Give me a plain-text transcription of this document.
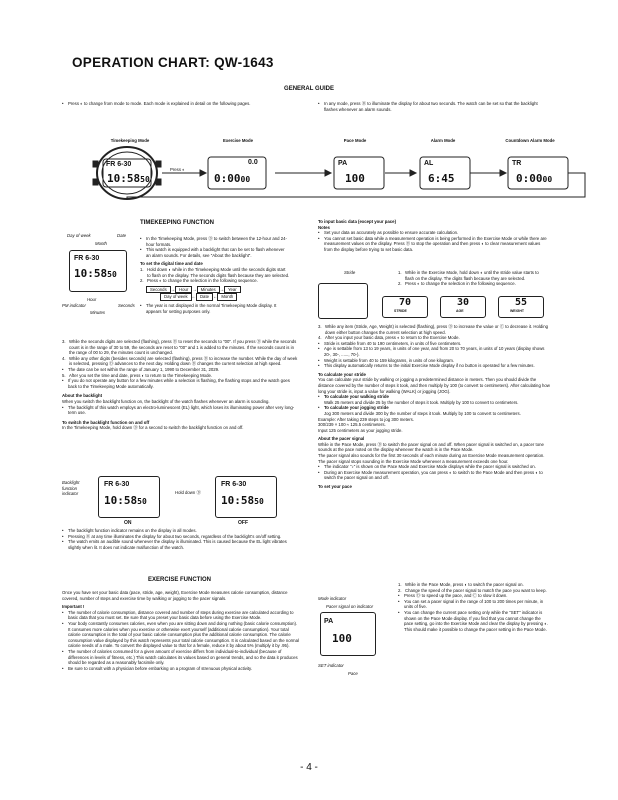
OPERATION CHART: QW-1643
GENERAL GUIDE
• Press ◐ to change from mode to mode. Each mode is explained in detail on the following pages.
•	In any mode, press Ⓑ to illuminate the display for about two seconds. The watch can be set so that the backlight flashes whenever an alarm sounds.
Timekeeping Mode	Exercise Mode	Pace Mode	Alarm Mode	Countdown Alarm Mode
FR 6-30
10:5850
Press ◐
0.0
0:0000
PA
100
AL
6:45
TR
0:0000
TIMEKEEPING FUNCTION
Day of week	Date
Month
FR 6-30
10:5850
Hour
Seconds
PM indicator
Minutes
• In the Timekeeping Mode, press Ⓓ to switch between the 12-hour and 24-hour formats.
• This watch is equipped with a backlight that can be set to flash whenever an alarm sounds. For details, see "About the backlight".
To set the digital time and date
1. Hold down ◐ while in the Timekeeping Mode until the seconds digits start to flash on the display. The seconds digits flash because they are selected.
2. Press ◐ to change the selection in the following sequence.
Seconds → Hour → Minutes → Year
Day of week ← Date ← Month
• The year is not displayed in the normal Timekeeping Mode display. It appears for setting purposes only.
3. While the seconds digits are selected (flashing), press Ⓓ to reset the seconds to "00". If you press Ⓓ while the seconds count is in the range of 30 to 59, the seconds are reset to "00" and 1 is added to the minutes. If the seconds count is in the range of 00 to 29, the minutes count is unchanged.
4. While any other digits (besides seconds) are selected (flashing), press Ⓓ to increase the number. While the day of week is selected, pressing Ⓓ advances to the next day. Holding down Ⓓ changes the current selection at high speed.
• The date can be set within the range of January 1, 1990 to December 31, 2029.
5. After you set the time and date, press ◐ to return to the Timekeeping Mode.
• If you do not operate any button for a few minutes while a selection is flashing, the flashing stops and the watch goes back to the Timekeeping Mode automatically.
About the backlight
When you switch the backlight function on, the backlight of the watch flashes whenever an alarm is sounding.
• The backlight of this watch employs an electro-luminescent (EL) light, which loses its illuminating power after very long-term use.
To switch the backlight function on and off
In the Timekeeping Mode, hold down Ⓓ for a second to switch the backlight function on and off.
Backlight function indicator
FR 6-30
10:5850
Hold down Ⓓ
FR 6-30
10:5850
ON	OFF
• The backlight function indicator remains on the display in all modes.
• Pressing Ⓑ at any time illuminates the display for about two seconds, regardless of the backlight's on/off setting.
• The watch emits an audible sound whenever the display is illuminated. This is caused because the EL light vibrates slightly when lit. It does not indicate malfunction of the watch.
EXERCISE FUNCTION
Once you have set your basic data (pace, stride, age, weight), Exercise Mode measures calorie consumption, distance covered, number of steps and exercise time by walking or jogging to the pacer signals.
Important !
• The number of calorie consumption, distance covered and number of steps during exercise are calculated according to basic data that you must set. Be sure that you preset your basic data before using the Exercise Mode.
• Your body constantly consumes calories, even when you are sitting down and doing nothing (basic calorie consumption). It consumes more calories when you exercise or otherwise exert yourself (additional calorie consumption). Your total calorie consumption is the total of your basic calorie consumption plus the additional calorie consumption. The calorie consumption value displayed by this watch represents your total calorie consumption. It is calculated based on the normal calorie needs of a male. To convert the displayed value to that for a female, reduce it by about 5% (multiply it by .95).
• The number of calories consumed for a given amount of exercise differs from individual-to-individual (because of differences in levels of fitness, etc.) This watch calculates its values based on general trends, and so the data it produces should be regarded as a reasonably facsimile only.
• Be sure to consult with a physician before embarking on a program of strenuous physical activity.
To input basic data (except your pace)
Notes
• Set your data as accurately as possible to ensure accurate calculation.
• You cannot set basic data while a measurement operation is being performed in the Exercise Mode or while there are measurement values on the display. Press Ⓓ to stop the operation and then press ◐ to clear measurement values from the display before trying to set basic data.
Stride	1. While in the Exercise Mode, hold down ◐ until the stride value starts to flash on the display. The digits flash because they are selected.
2. Press ◐ to change the selection in the following sequence.
70	30	55
STRIDE	AGE	WEIGHT
3. While any item (Stride, Age, Weight) is selected (flashing), press Ⓓ to increase the value or Ⓒ to decrease it. Holding down either button changes the current selection at high speed.
4. After you input your basic data, press ◐ to return to the Exercise Mode.
• Stride is settable from 40 to 190 centimeters, in units of five centimeters.
• Age is settable from 13 to 19 years, in units of one year, and from 20 to 70 years, in units of 10 years (display shows 20-, 30-, ......, 70-).
• Weight is settable from 40 to 159 kilograms, in units of one kilogram.
• This display automatically returns to the initial Exercise Mode display if no button is operated for a few minutes.
To calculate your stride
You can calculate your stride by walking or jogging a predetermined distance in meters. Then you should divide the distance covered by the number of steps it took, and then multiply by 100 (to convert to centimeters). After calculating how long your stride is, input a value for walking (WALK) or jogging (JOG).
• To calculate your walking stride
Walk 25 meters and divide 25 by the number of steps it took. Multiply by 100 to convert to centimeters.
• To calculate your jogging stride
Jog 300 meters and divide 300 by the number of steps it took. Multiply by 100 to convert to centimeters.
Example: After taking 239 steps to jog 300 meters.
300/239 × 100 ≈ 125.5 centimeters.
Input 125 centimeters as your jogging stride.
About the pacer signal
While in the Pace Mode, press Ⓓ to switch the pacer signal on and off. When pacer signal is switched on, a pacer tone sounds at the pace noted on the display whenever the watch is in the Pace Mode.
The pacer signal also sounds for the first 30 seconds of each minute during an Exercise Mode measurement operation. The pacer signal stops sounding in the Exercise Mode whenever a measurement exceeds one hour.
• The indicator "♪" is shown on the Pace Mode and Exercise Mode displays while the pacer signal is switched on.
• During an Exercise Mode measurement operation, you can press ◐ to switch to the Pace Mode and then press ◐ to switch the pacer signal on and off.
To set your pace
Mode indicator
Pacer signal on indicator
PA
100
SET indicator
Pace
1. While in the Pace Mode, press ◐ to switch the pacer signal on.
2. Change the speed of the pacer signal to match the pace you want to keep.
• Press Ⓓ to speed up the pace, and Ⓒ to slow it down.
• You can set a pacer signal in the range of 100 to 200 times per minute, in units of five.
• You can change the current pace setting only while the "SET" indicator is shown on the Pace Mode display. If you find that you cannot change the pace setting, go into the Exercise Mode and clear the display by pressing ◐. This should make it possible to change the pacer setting in the Pace Mode.
- 4 -
